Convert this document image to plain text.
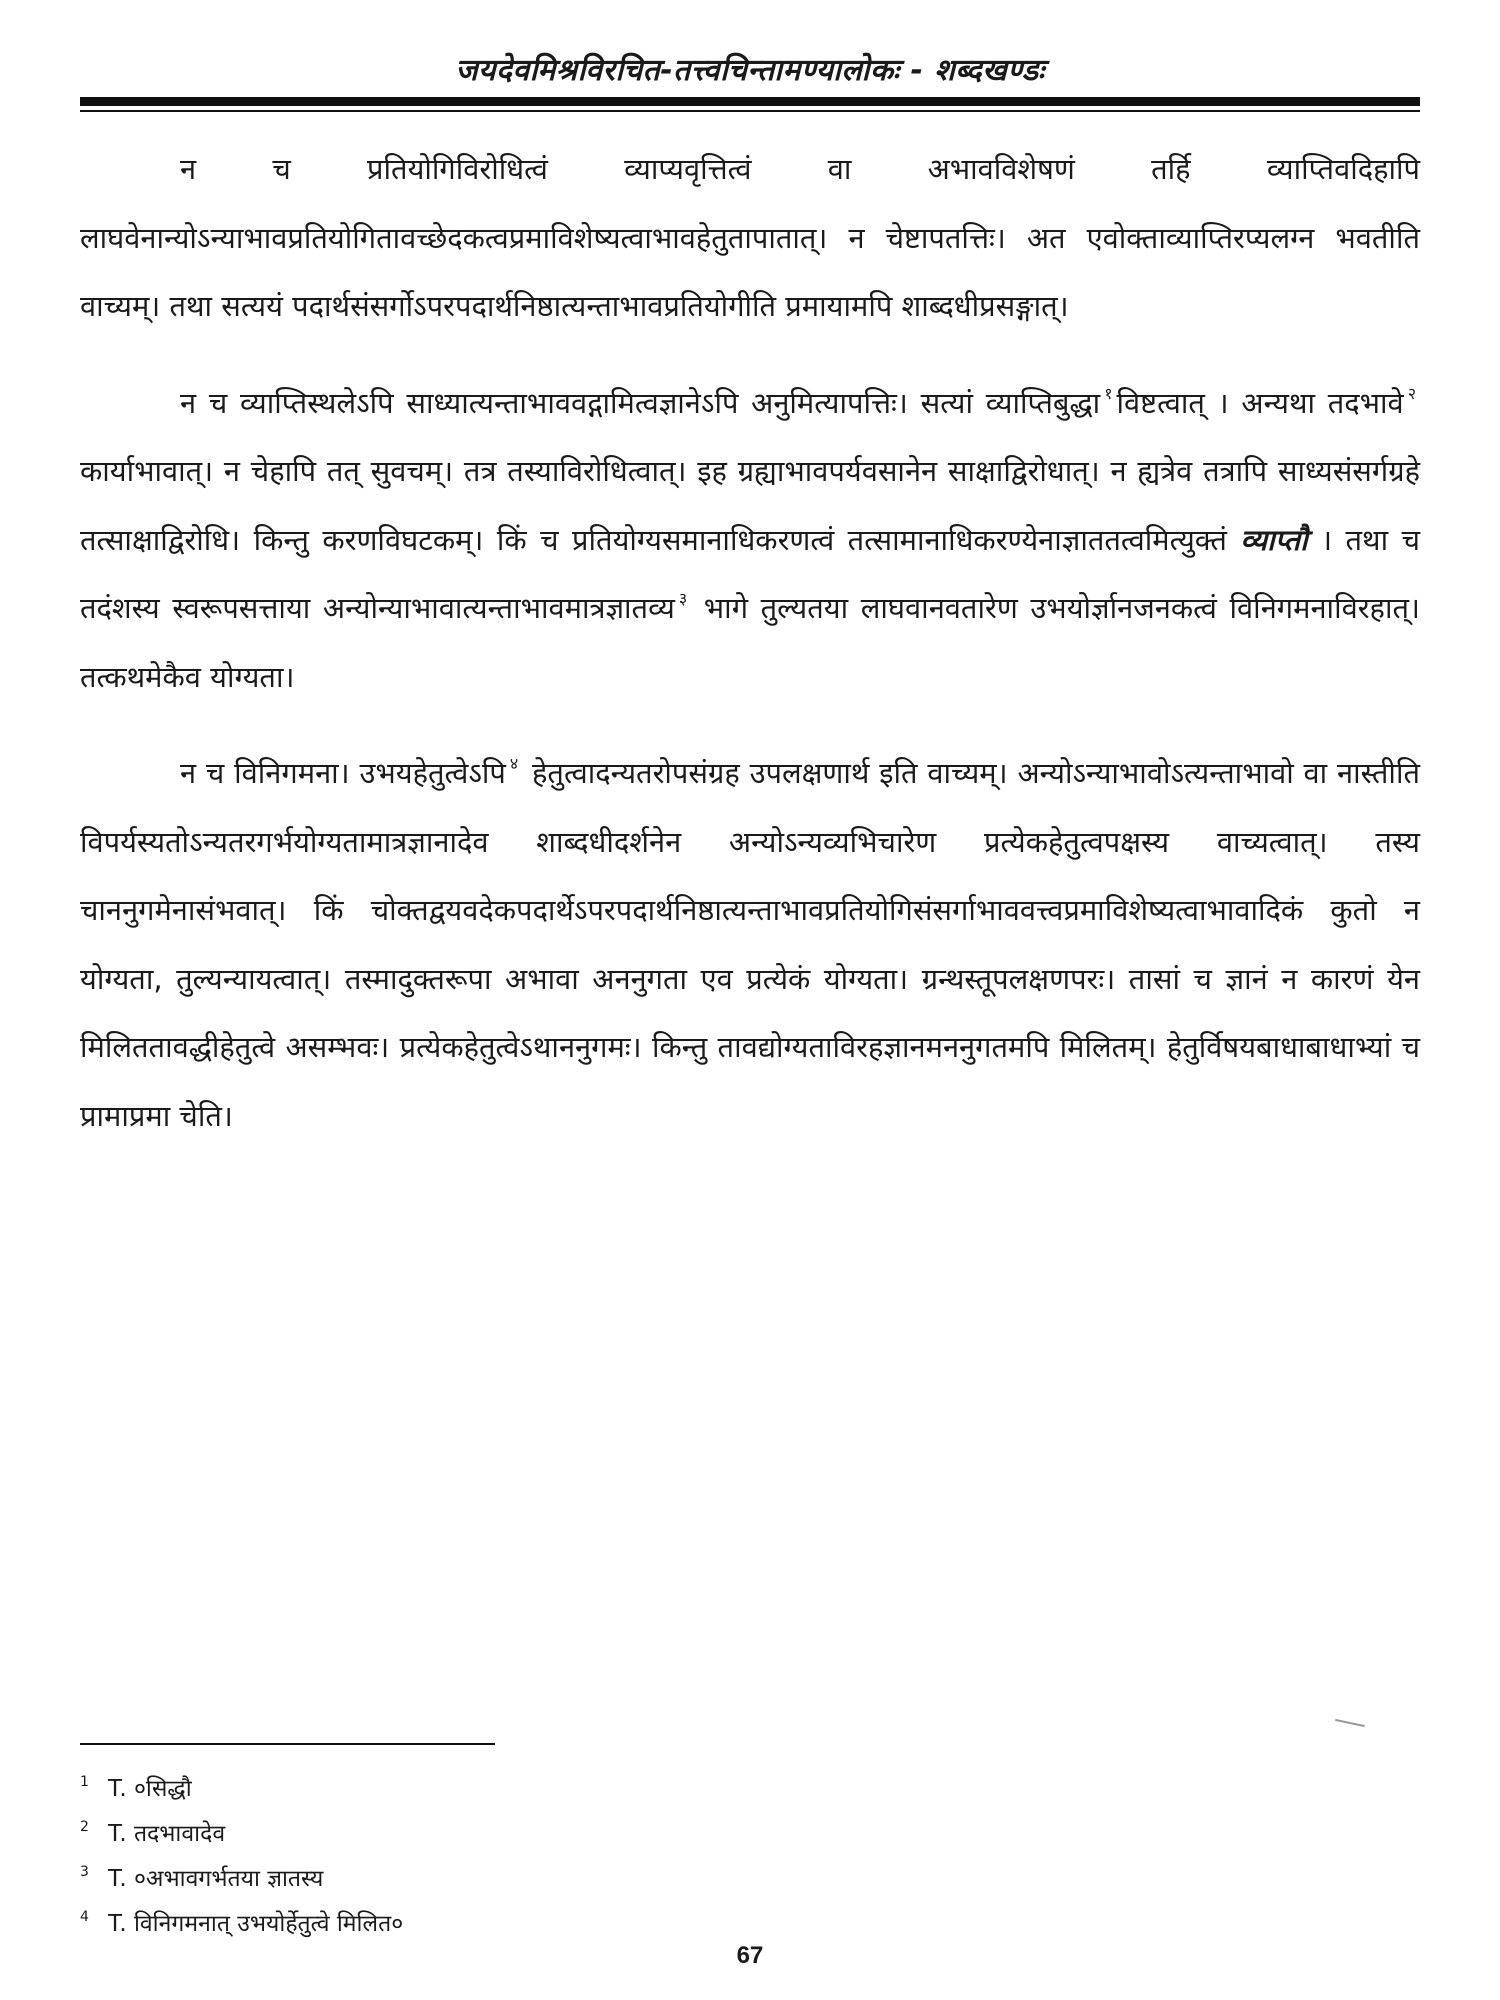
जयदेवमिश्रविरचित-तत्त्वचिन्तामण्यालोकः - शब्दखण्डः

न च प्रतियोगिविरोधित्वं व्याप्यवृत्तित्वं वा अभावविशेषणं तर्हि व्याप्तिवदिहापि लाघवेनान्योऽन्याभावप्रतियोगितावच्छेदकत्वप्रमाविशेष्यत्वाभावहेतुतापातात्। न चेष्टापतत्तिः। अत एवोक्ताव्याप्तिरप्यलग्न भवतीति वाच्यम्। तथा सत्ययं पदार्थसंसर्गोऽपरपदार्थनिष्ठात्यन्ताभावप्रतियोगीति प्रमायामपि शाब्दधीप्रसङ्गात्।

न च व्याप्तिस्थलेऽपि साध्यात्यन्ताभाववद्गामित्वज्ञानेऽपि अनुमित्यापत्तिः। सत्यां व्याप्तिबुद्धा $^१$ विष्टत्वात् । अन्यथा तदभावे $^२$ कार्याभावात्। न चेहापि तत् सुवचम्। तत्र तस्याविरोधित्वात्। इह ग्रह्याभावपर्यवसानेन साक्षाद्विरोधात्। न ह्यत्रेव तत्रापि साध्यसंसर्गग्रहे तत्साक्षाद्विरोधि। किन्तु करणविघटकम्। किं च प्रतियोग्यसमानाधिकरणत्वं तत्सामानाधिकरण्येनाज्ञाततत्वमित्युक्तं व्याप्तौ । तथा च तदंशस्य स्वरूपसत्ताया अन्योन्याभावात्यन्ताभावमात्रज्ञातव्य $^३$ भागे तुल्यतया लाघवानवतारेण उभयोर्ज्ञानजनकत्वं विनिगमनाविरहात्। तत्कथमेकैव योग्यता।

न च विनिगमना। उभयहेतुत्वेऽपि $^४$ हेतुत्वादन्यतरोपसंग्रह उपलक्षणार्थ इति वाच्यम्। अन्योऽन्याभावोऽत्यन्ताभावो वा नास्तीति विपर्यस्यतोऽन्यतरगर्भयोग्यतामात्रज्ञानादेव शाब्दधीदर्शनेन अन्योऽन्यव्यभिचारेण प्रत्येकहेतुत्वपक्षस्य वाच्यत्वात्। तस्य चाननुगमेनासंभवात्। किं चोक्तद्वयवदेकपदार्थेऽपरपदार्थनिष्ठात्यन्ताभावप्रतियोगिसंसर्गाभाववत्त्वप्रमाविशेष्यत्वाभावादिकं कुतो न योग्यता, तुल्यन्यायत्वात्। तस्मादुक्तरूपा अभावा अननुगता एव प्रत्येकं योग्यता। ग्रन्थस्तूपलक्षणपरः। तासां च ज्ञानं न कारणं येन मिलिततावद्धीहेतुत्वे असम्भवः। प्रत्येकहेतुत्वेऽथाननुगमः। किन्तु तावद्योग्यताविरहज्ञानमननुगतमपि मिलितम्। हेतुर्विषयबाधाबाधाभ्यां च प्रामाप्रमा चेति।

1 T. ०सिद्धौ
2 T. तदभावादेव
3 T. ०अभावगर्भतया ज्ञातस्य
4 T. विनिगमनात् उभयोर्हेतुत्वे मिलित०
67
